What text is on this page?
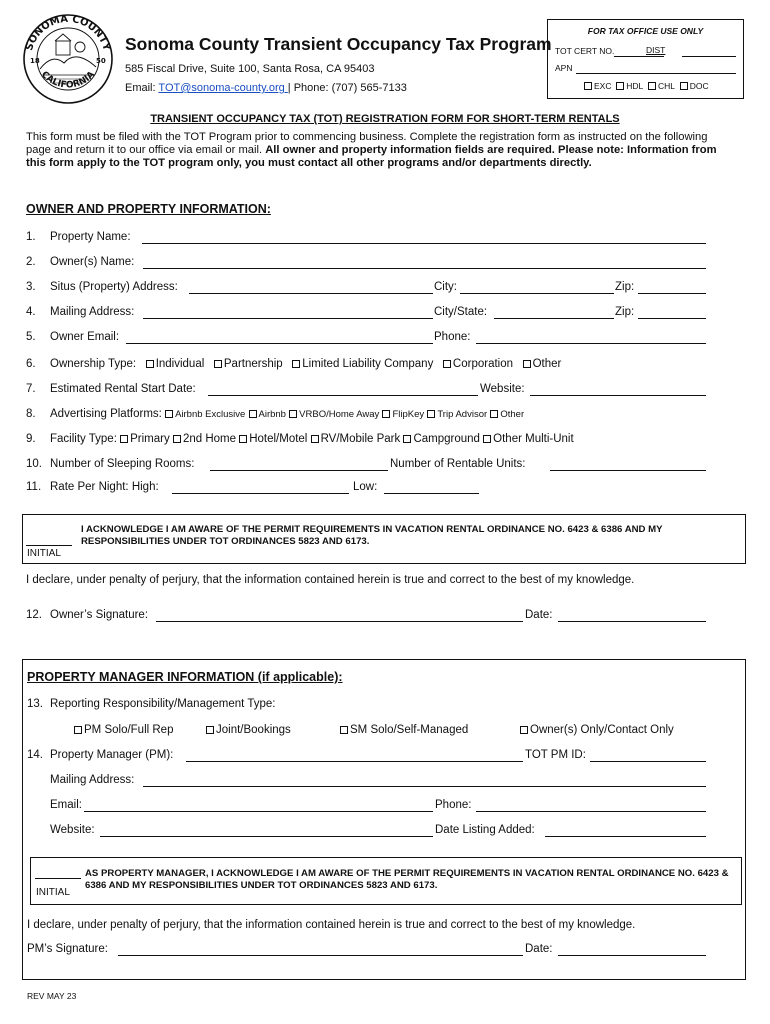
SONOMA COUNTY
CALIFORNIA
18	50
Sonoma County Transient Occupancy Tax Program
585 Fiscal Drive, Suite 100, Santa Rosa, CA 95403
Email: TOT@sonoma-county.org | Phone: (707) 565-7133
FOR TAX OFFICE USE ONLY
TOT CERT NO.	DIST
APN
EXC HDL CHL DOC
TRANSIENT OCCUPANCY TAX (TOT) REGISTRATION FORM FOR SHORT-TERM RENTALS
This form must be filed with the TOT Program prior to commencing business. Complete the registration form as instructed on the following page and return it to our office via email or mail. All owner and property information fields are required. Please note: Information from this form apply to the TOT program only, you must contact all other programs and/or departments directly.
OWNER AND PROPERTY INFORMATION:
1. Property Name:
2. Owner(s) Name:
3. Situs (Property) Address:	City:	Zip:
4. Mailing Address:	City/State:	Zip:
5. Owner Email:	Phone:
6. Ownership Type: Individual Partnership Limited Liability Company Corporation Other
7. Estimated Rental Start Date:	Website:
8. Advertising Platforms: Airbnb Exclusive Airbnb VRBO/Home Away FlipKey Trip Advisor Other
9. Facility Type: Primary 2nd Home Hotel/Motel RV/Mobile Park Campground Other Multi-Unit
10. Number of Sleeping Rooms:	Number of Rentable Units:
11. Rate Per Night: High:	Low:
INITIAL
I ACKNOWLEDGE I AM AWARE OF THE PERMIT REQUIREMENTS IN VACATION RENTAL ORDINANCE NO. 6423 & 6386 AND MY RESPONSIBILITIES UNDER TOT ORDINANCES 5823 AND 6173.
I declare, under penalty of perjury, that the information contained herein is true and correct to the best of my knowledge.
12. Owner’s Signature:	Date:
PROPERTY MANAGER INFORMATION (if applicable):
13. Reporting Responsibility/Management Type:
PM Solo/Full Rep	Joint/Bookings	SM Solo/Self-Managed	Owner(s) Only/Contact Only
14. Property Manager (PM):	TOT PM ID:
Mailing Address:
Email:	Phone:
Website:	Date Listing Added:
INITIAL
AS PROPERTY MANAGER, I ACKNOWLEDGE I AM AWARE OF THE PERMIT REQUIREMENTS IN VACATION RENTAL ORDINANCE NO. 6423 & 6386 AND MY RESPONSIBILITIES UNDER TOT ORDINANCES 5823 AND 6173.
I declare, under penalty of perjury, that the information contained herein is true and correct to the best of my knowledge.
PM’s Signature:	Date:
REV MAY 23
